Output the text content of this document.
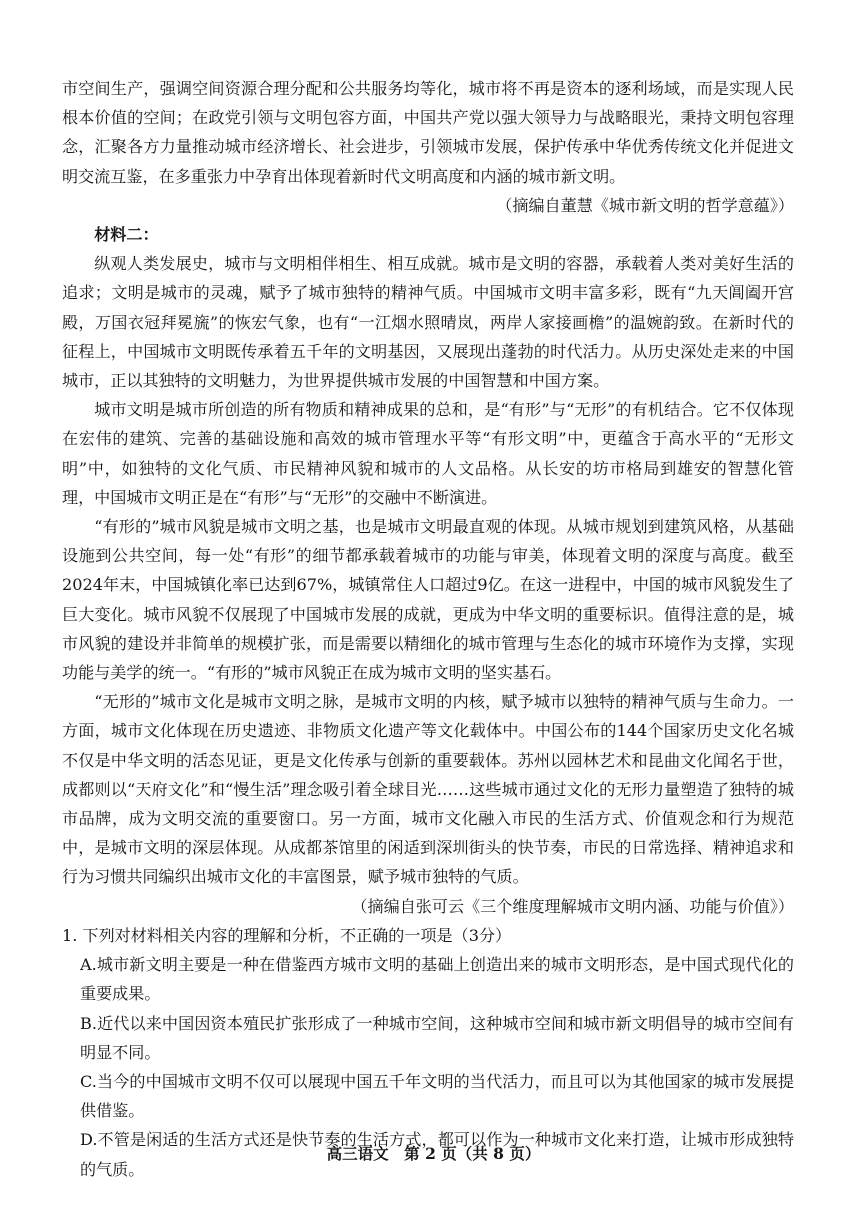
市空间生产，强调空间资源合理分配和公共服务均等化，城市将不再是资本的逐利场域，而是实现人民根本价值的空间；在政党引领与文明包容方面，中国共产党以强大领导力与战略眼光，秉持文明包容理念，汇聚各方力量推动城市经济增长、社会进步，引领城市发展，保护传承中华优秀传统文化并促进文明交流互鉴，在多重张力中孕育出体现着新时代文明高度和内涵的城市新文明。

（摘编自董慧《城市新文明的哲学意蕴》）

材料二：

纵观人类发展史，城市与文明相伴相生、相互成就。城市是文明的容器，承载着人类对美好生活的追求；文明是城市的灵魂，赋予了城市独特的精神气质。中国城市文明丰富多彩，既有“九天阊阖开宫殿，万国衣冠拜冕旒”的恢宏气象，也有“一江烟水照晴岚，两岸人家接画檐”的温婉韵致。在新时代的征程上，中国城市文明既传承着五千年的文明基因，又展现出蓬勃的时代活力。从历史深处走来的中国城市，正以其独特的文明魅力，为世界提供城市发展的中国智慧和中国方案。

城市文明是城市所创造的所有物质和精神成果的总和，是“有形”与“无形”的有机结合。它不仅体现在宏伟的建筑、完善的基础设施和高效的城市管理水平等“有形文明”中，更蕴含于高水平的“无形文明”中，如独特的文化气质、市民精神风貌和城市的人文品格。从长安的坊市格局到雄安的智慧化管理，中国城市文明正是在“有形”与“无形”的交融中不断演进。

“有形的”城市风貌是城市文明之基，也是城市文明最直观的体现。从城市规划到建筑风格，从基础设施到公共空间，每一处“有形”的细节都承载着城市的功能与审美，体现着文明的深度与高度。截至2024年末，中国城镇化率已达到67%，城镇常住人口超过9亿。在这一进程中，中国的城市风貌发生了巨大变化。城市风貌不仅展现了中国城市发展的成就，更成为中华文明的重要标识。值得注意的是，城市风貌的建设并非简单的规模扩张，而是需要以精细化的城市管理与生态化的城市环境作为支撑，实现功能与美学的统一。“有形的”城市风貌正在成为城市文明的坚实基石。

“无形的”城市文化是城市文明之脉，是城市文明的内核，赋予城市以独特的精神气质与生命力。一方面，城市文化体现在历史遗迹、非物质文化遗产等文化载体中。中国公布的144个国家历史文化名城不仅是中华文明的活态见证，更是文化传承与创新的重要载体。苏州以园林艺术和昆曲文化闻名于世，成都则以“天府文化”和“慢生活”理念吸引着全球目光……这些城市通过文化的无形力量塑造了独特的城市品牌，成为文明交流的重要窗口。另一方面，城市文化融入市民的生活方式、价值观念和行为规范中，是城市文明的深层体现。从成都茶馆里的闲适到深圳街头的快节奏，市民的日常选择、精神追求和行为习惯共同编织出城市文化的丰富图景，赋予城市独特的气质。

（摘编自张可云《三个维度理解城市文明内涵、功能与价值》）

1. 下列对材料相关内容的理解和分析，不正确的一项是（3分）

A.城市新文明主要是一种在借鉴西方城市文明的基础上创造出来的城市文明形态，是中国式现代化的重要成果。

B.近代以来中国因资本殖民扩张形成了一种城市空间，这种城市空间和城市新文明倡导的城市空间有明显不同。

C.当今的中国城市文明不仅可以展现中国五千年文明的当代活力，而且可以为其他国家的城市发展提供借鉴。

D.不管是闲适的生活方式还是快节奏的生活方式，都可以作为一种城市文化来打造，让城市形成独特的气质。

高三语文　第 2 页（共 8 页）
